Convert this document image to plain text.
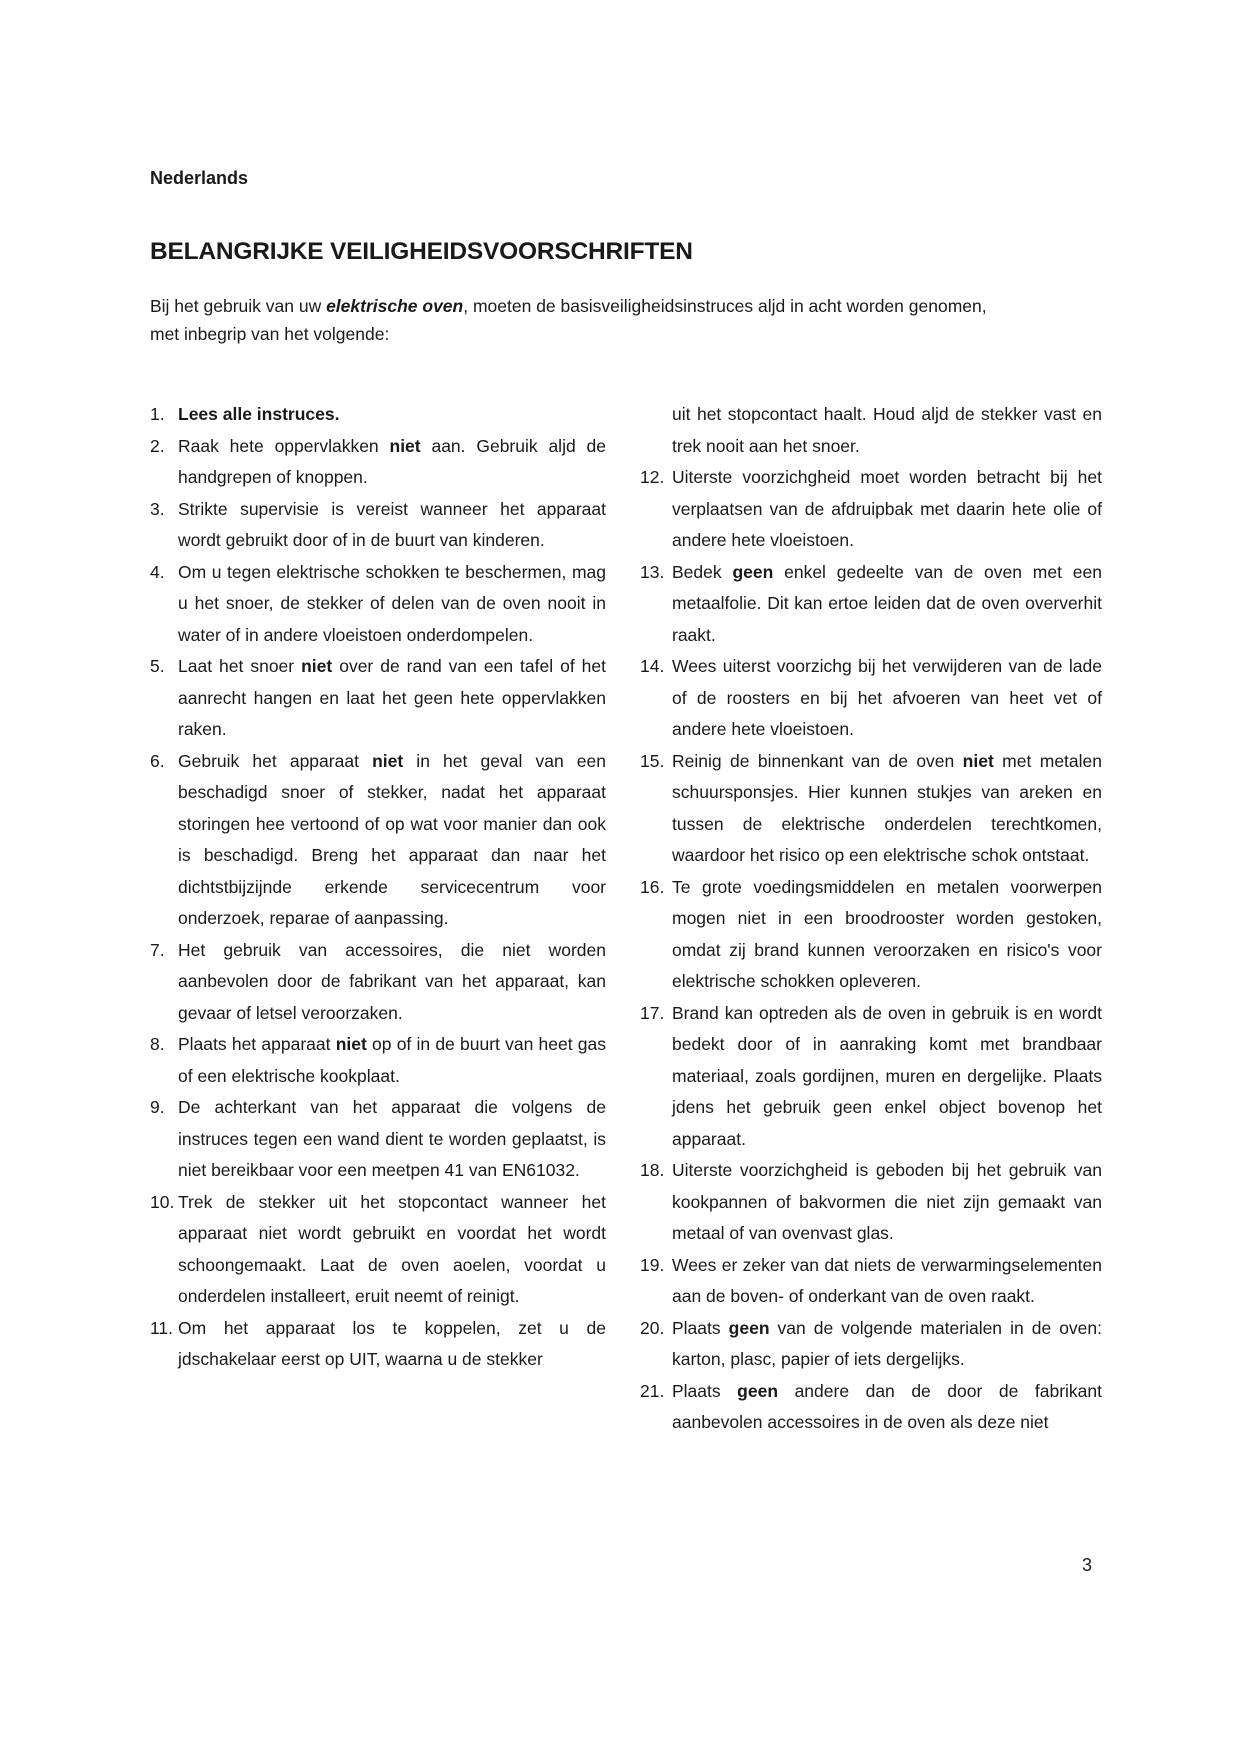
Nederlands

BELANGRIJKE VEILIGHEIDSVOORSCHRIFTEN

Bij het gebruik van uw elektrische oven, moeten de basisveiligheidsinstruces aljd in acht worden genomen, met inbegrip van het volgende:

1. Lees alle instruces.
2. Raak hete oppervlakken niet aan. Gebruik aljd de handgrepen of knoppen.
3. Strikte supervisie is vereist wanneer het apparaat wordt gebruikt door of in de buurt van kinderen.
4. Om u tegen elektrische schokken te beschermen, mag u het snoer, de stekker of delen van de oven nooit in water of in andere vloeistoen onderdompelen.
5. Laat het snoer niet over de rand van een tafel of het aanrecht hangen en laat het geen hete oppervlakken raken.
6. Gebruik het apparaat niet in het geval van een beschadigd snoer of stekker, nadat het apparaat storingen hee vertoond of op wat voor manier dan ook is beschadigd. Breng het apparaat dan naar het dichtstbijzijnde erkende servicecentrum voor onderzoek, reparae of aanpassing.
7. Het gebruik van accessoires, die niet worden aanbevolen door de fabrikant van het apparaat, kan gevaar of letsel veroorzaken.
8. Plaats het apparaat niet op of in de buurt van heet gas of een elektrische kookplaat.
9. De achterkant van het apparaat die volgens de instruces tegen een wand dient te worden geplaatst, is niet bereikbaar voor een meetpen 41 van EN61032.
10. Trek de stekker uit het stopcontact wanneer het apparaat niet wordt gebruikt en voordat het wordt schoongemaakt. Laat de oven aoelen, voordat u onderdelen installeert, eruit neemt of reinigt.
11. Om het apparaat los te koppelen, zet u de jdschakelaar eerst op UIT, waarna u de stekker
uit het stopcontact haalt. Houd aljd de stekker vast en trek nooit aan het snoer.
12. Uiterste voorzichgheid moet worden betracht bij het verplaatsen van de afdruipbak met daarin hete olie of andere hete vloeistoen.
13. Bedek geen enkel gedeelte van de oven met een metaalfolie. Dit kan ertoe leiden dat de oven oververhit raakt.
14. Wees uiterst voorzichg bij het verwijderen van de lade of de roosters en bij het afvoeren van heet vet of andere hete vloeistoen.
15. Reinig de binnenkant van de oven niet met metalen schuursponsjes. Hier kunnen stukjes van areken en tussen de elektrische onderdelen terechtkomen, waardoor het risico op een elektrische schok ontstaat.
16. Te grote voedingsmiddelen en metalen voorwerpen mogen niet in een broodrooster worden gestoken, omdat zij brand kunnen veroorzaken en risico's voor elektrische schokken opleveren.
17. Brand kan optreden als de oven in gebruik is en wordt bedekt door of in aanraking komt met brandbaar materiaal, zoals gordijnen, muren en dergelijke. Plaats jdens het gebruik geen enkel object bovenop het apparaat.
18. Uiterste voorzichgheid is geboden bij het gebruik van kookpannen of bakvormen die niet zijn gemaakt van metaal of van ovenvast glas.
19. Wees er zeker van dat niets de verwarmingselementen aan de boven- of onderkant van de oven raakt.
20. Plaats geen van de volgende materialen in de oven: karton, plasc, papier of iets dergelijks.
21. Plaats geen andere dan de door de fabrikant aanbevolen accessoires in de oven als deze niet

3
